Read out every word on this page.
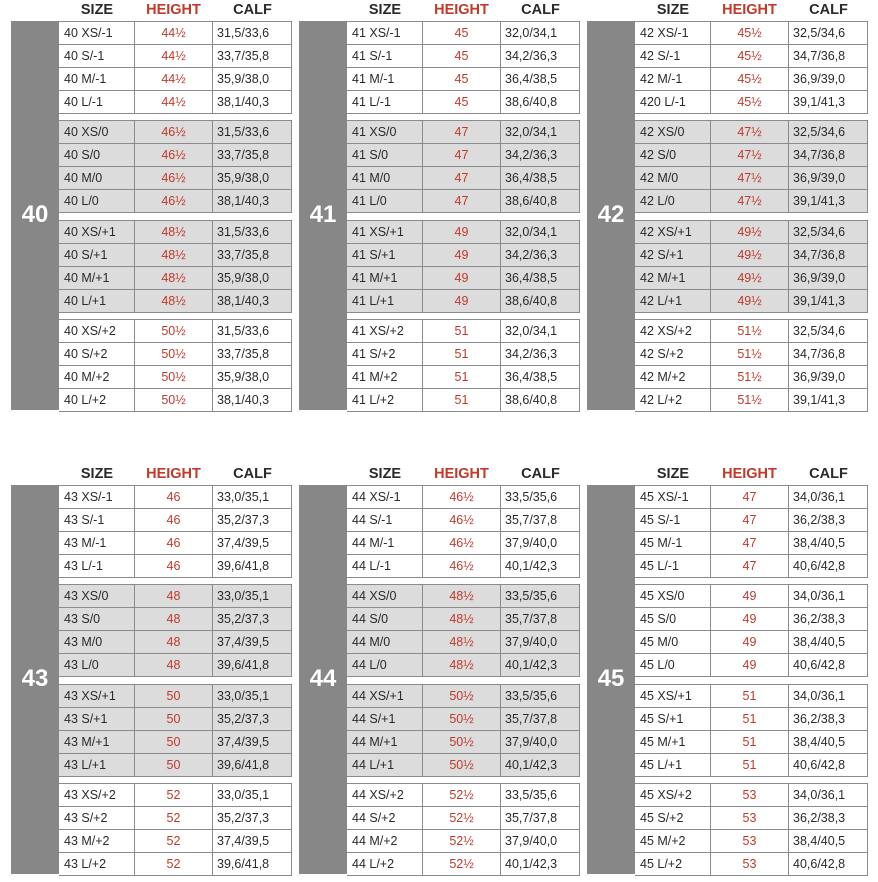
SIZE	HEIGHT	CALF
40
40 XS/-1	44½	31,5/33,6
40 S/-1	44½	33,7/35,8
40 M/-1	44½	35,9/38,0
40 L/-1	44½	38,1/40,3
40 XS/0	46½	31,5/33,6
40 S/0	46½	33,7/35,8
40 M/0	46½	35,9/38,0
40 L/0	46½	38,1/40,3
40 XS/+1	48½	31,5/33,6
40 S/+1	48½	33,7/35,8
40 M/+1	48½	35,9/38,0
40 L/+1	48½	38,1/40,3
40 XS/+2	50½	31,5/33,6
40 S/+2	50½	33,7/35,8
40 M/+2	50½	35,9/38,0
40 L/+2	50½	38,1/40,3
SIZE	HEIGHT	CALF
41
41 XS/-1	45	32,0/34,1
41 S/-1	45	34,2/36,3
41 M/-1	45	36,4/38,5
41 L/-1	45	38,6/40,8
41 XS/0	47	32,0/34,1
41 S/0	47	34,2/36,3
41 M/0	47	36,4/38,5
41 L/0	47	38,6/40,8
41 XS/+1	49	32,0/34,1
41 S/+1	49	34,2/36,3
41 M/+1	49	36,4/38,5
41 L/+1	49	38,6/40,8
41 XS/+2	51	32,0/34,1
41 S/+2	51	34,2/36,3
41 M/+2	51	36,4/38,5
41 L/+2	51	38,6/40,8
SIZE	HEIGHT	CALF
42
42 XS/-1	45½	32,5/34,6
42 S/-1	45½	34,7/36,8
42 M/-1	45½	36,9/39,0
420 L/-1	45½	39,1/41,3
42 XS/0	47½	32,5/34,6
42 S/0	47½	34,7/36,8
42 M/0	47½	36,9/39,0
42 L/0	47½	39,1/41,3
42 XS/+1	49½	32,5/34,6
42 S/+1	49½	34,7/36,8
42 M/+1	49½	36,9/39,0
42 L/+1	49½	39,1/41,3
42 XS/+2	51½	32,5/34,6
42 S/+2	51½	34,7/36,8
42 M/+2	51½	36,9/39,0
42 L/+2	51½	39,1/41,3
SIZE	HEIGHT	CALF
43
43 XS/-1	46	33,0/35,1
43 S/-1	46	35,2/37,3
43 M/-1	46	37,4/39,5
43 L/-1	46	39,6/41,8
43 XS/0	48	33,0/35,1
43 S/0	48	35,2/37,3
43 M/0	48	37,4/39,5
43 L/0	48	39,6/41,8
43 XS/+1	50	33,0/35,1
43 S/+1	50	35,2/37,3
43 M/+1	50	37,4/39,5
43 L/+1	50	39,6/41,8
43 XS/+2	52	33,0/35,1
43 S/+2	52	35,2/37,3
43 M/+2	52	37,4/39,5
43 L/+2	52	39,6/41,8
SIZE	HEIGHT	CALF
44
44 XS/-1	46½	33,5/35,6
44 S/-1	46½	35,7/37,8
44 M/-1	46½	37,9/40,0
44 L/-1	46½	40,1/42,3
44 XS/0	48½	33,5/35,6
44 S/0	48½	35,7/37,8
44 M/0	48½	37,9/40,0
44 L/0	48½	40,1/42,3
44 XS/+1	50½	33,5/35,6
44 S/+1	50½	35,7/37,8
44 M/+1	50½	37,9/40,0
44 L/+1	50½	40,1/42,3
44 XS/+2	52½	33,5/35,6
44 S/+2	52½	35,7/37,8
44 M/+2	52½	37,9/40,0
44 L/+2	52½	40,1/42,3
SIZE	HEIGHT	CALF
45
45 XS/-1	47	34,0/36,1
45 S/-1	47	36,2/38,3
45 M/-1	47	38,4/40,5
45 L/-1	47	40,6/42,8
45 XS/0	49	34,0/36,1
45 S/0	49	36,2/38,3
45 M/0	49	38,4/40,5
45 L/0	49	40,6/42,8
45 XS/+1	51	34,0/36,1
45 S/+1	51	36,2/38,3
45 M/+1	51	38,4/40,5
45 L/+1	51	40,6/42,8
45 XS/+2	53	34,0/36,1
45 S/+2	53	36,2/38,3
45 M/+2	53	38,4/40,5
45 L/+2	53	40,6/42,8
